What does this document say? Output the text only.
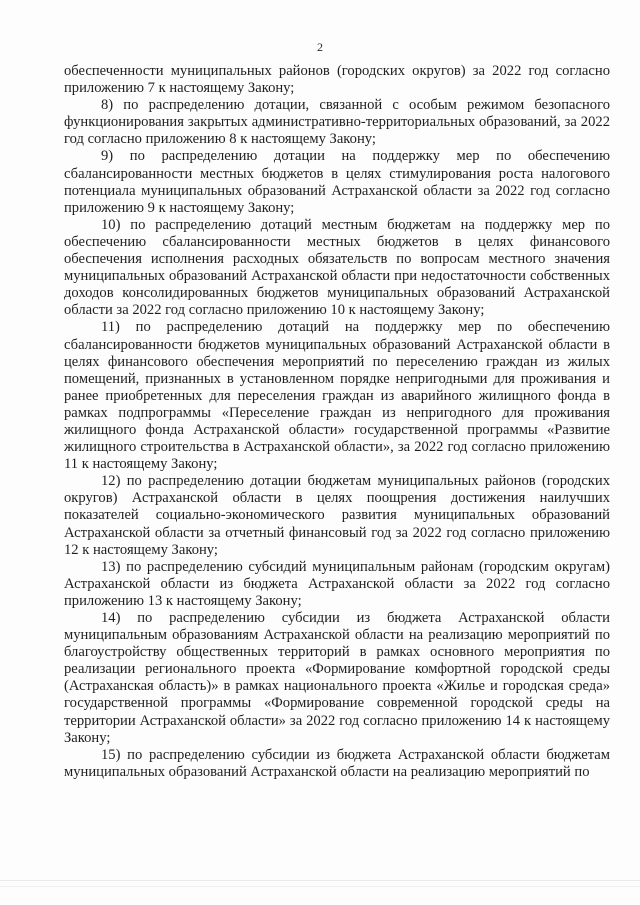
2

обеспеченности муниципальных районов (городских округов) за 2022 год согласно приложению 7 к настоящему Закону;

8) по распределению дотации, связанной с особым режимом безопасного функционирования закрытых административно-территориальных образований, за 2022 год согласно приложению 8 к настоящему Закону;

9) по распределению дотации на поддержку мер по обеспечению сбалансированности местных бюджетов в целях стимулирования роста налогового потенциала муниципальных образований Астраханской области за 2022 год согласно приложению 9 к настоящему Закону;

10) по распределению дотаций местным бюджетам на поддержку мер по обеспечению сбалансированности местных бюджетов в целях финансового обеспечения исполнения расходных обязательств по вопросам местного значения муниципальных образований Астраханской области при недостаточности собственных доходов консолидированных бюджетов муниципальных образований Астраханской области за 2022 год согласно приложению 10 к настоящему Закону;

11) по распределению дотаций на поддержку мер по обеспечению сбалансированности бюджетов муниципальных образований Астраханской области в целях финансового обеспечения мероприятий по переселению граждан из жилых помещений, признанных в установленном порядке непригодными для проживания и ранее приобретенных для переселения граждан из аварийного жилищного фонда в рамках подпрограммы «Переселение граждан из непригодного для проживания жилищного фонда Астраханской области» государственной программы «Развитие жилищного строительства в Астраханской области», за 2022 год согласно приложению 11 к настоящему Закону;

12) по распределению дотации бюджетам муниципальных районов (городских округов) Астраханской области в целях поощрения достижения наилучших показателей социально-экономического развития муниципальных образований Астраханской области за отчетный финансовый год за 2022 год согласно приложению 12 к настоящему Закону;

13) по распределению субсидий муниципальным районам (городским округам) Астраханской области из бюджета Астраханской области за 2022 год согласно приложению 13 к настоящему Закону;

14) по распределению субсидии из бюджета Астраханской области муниципальным образованиям Астраханской области на реализацию мероприятий по благоустройству общественных территорий в рамках основного мероприятия по реализации регионального проекта «Формирование комфортной городской среды (Астраханская область)» в рамках национального проекта «Жилье и городская среда» государственной программы «Формирование современной городской среды на территории Астраханской области» за 2022 год согласно приложению 14 к настоящему Закону;

15) по распределению субсидии из бюджета Астраханской области бюджетам муниципальных образований Астраханской области на реализацию мероприятий по
